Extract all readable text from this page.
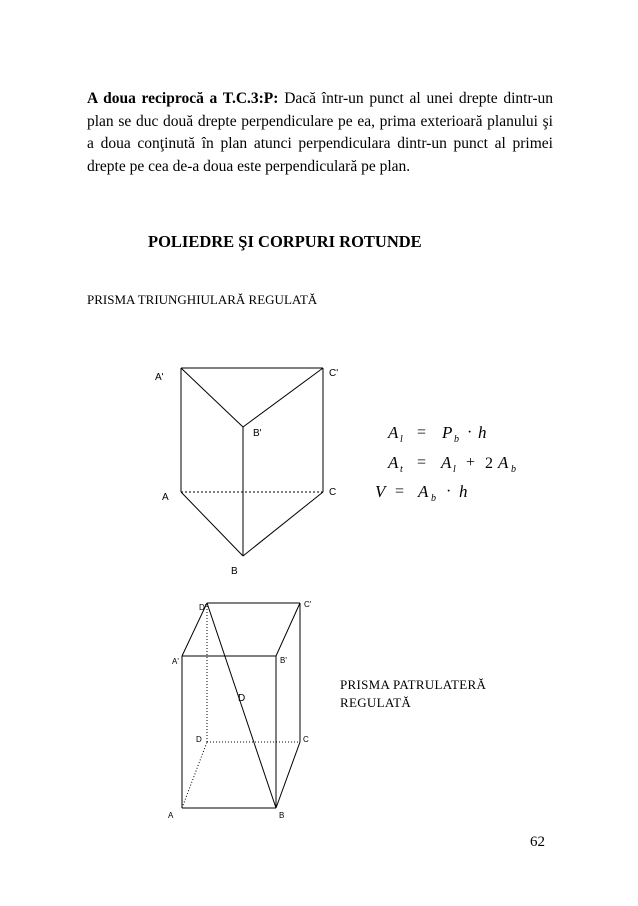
A doua reciprocă a T.C.3:P: Dacă într-un punct al unei drepte dintr-un plan se duc două drepte perpendiculare pe ea, prima exterioară planului şi a doua conţinută în plan atunci perpendiculara dintr-un punct al primei drepte pe cea de-a doua este perpendiculară pe plan.

POLIEDRE ŞI CORPURI ROTUNDE
PRISMA TRIUNGHIULARĂ REGULATĂ
A'	C'
B'
A	C
B
A l = P b · h
A t = A l + 2 A b
V = A b · h
D'	C'
A'	B'
D	C
A	B
D
PRISMA PATRULATERĂ
REGULATĂ
62
